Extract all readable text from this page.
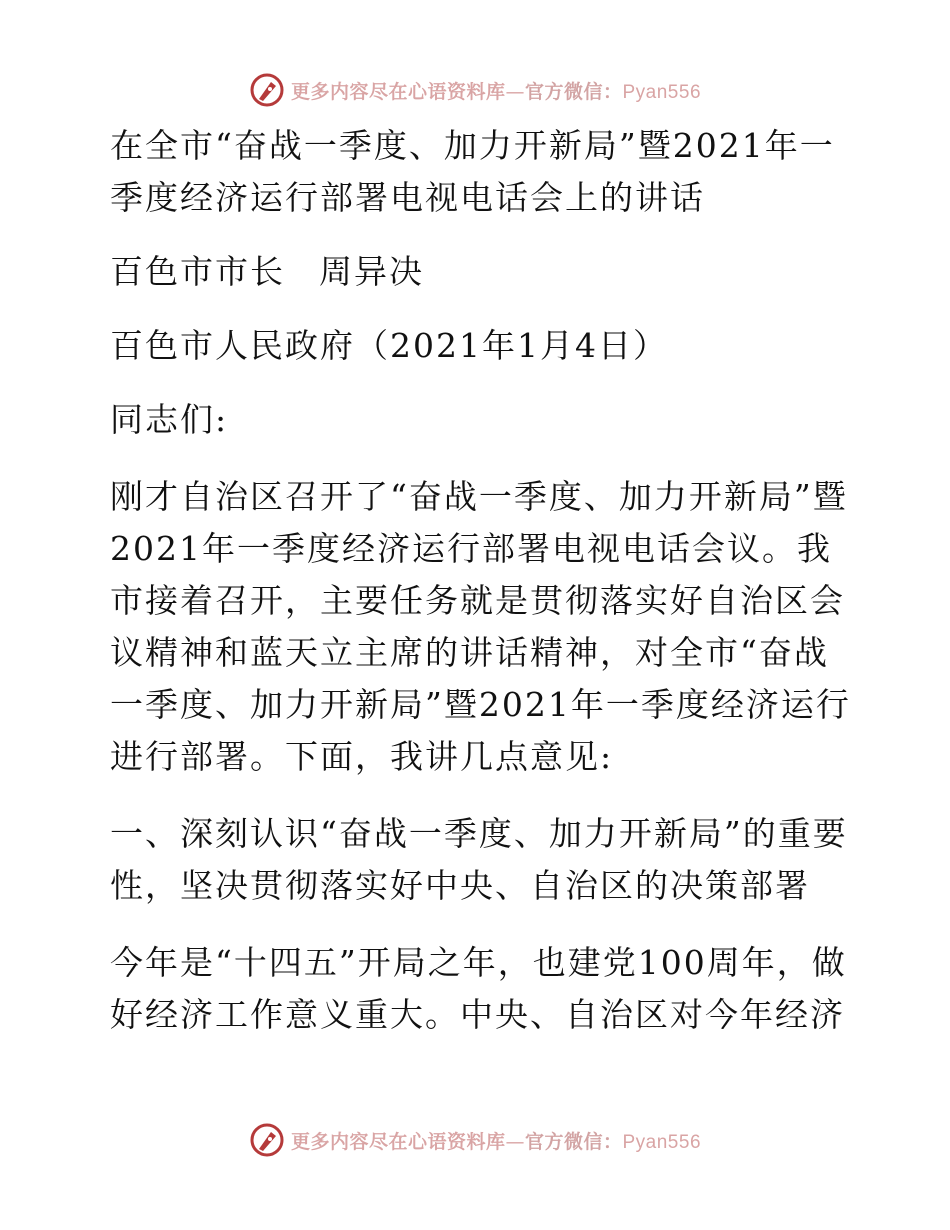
更多内容尽在心语资料库—官方微信：Pyan556

在全市“奋战一季度、加力开新局”暨2021年一季度经济运行部署电视电话会上的讲话

百色市市长 周异决

百色市人民政府（2021年1月4日）

同志们:

刚才自治区召开了“奋战一季度、加力开新局”暨2021年一季度经济运行部署电视电话会议。我市接着召开，主要任务就是贯彻落实好自治区会议精神和蓝天立主席的讲话精神，对全市“奋战一季度、加力开新局”暨2021年一季度经济运行进行部署。下面，我讲几点意见:

一、深刻认识“奋战一季度、加力开新局”的重要性，坚决贯彻落实好中央、自治区的决策部署

今年是“十四五”开局之年，也建党100周年，做好经济工作意义重大。中央、自治区对今年经济

更多内容尽在心语资料库—官方微信：Pyan556
